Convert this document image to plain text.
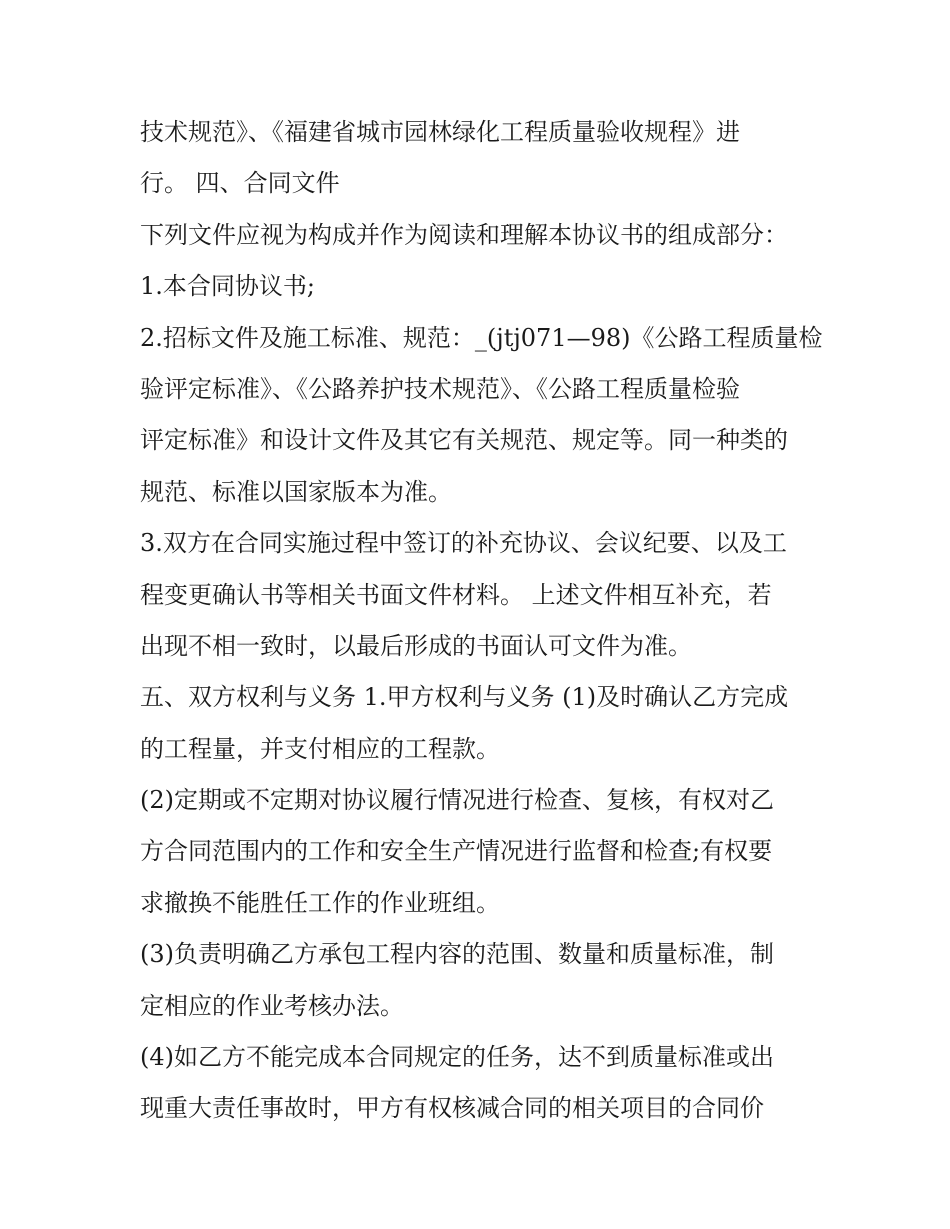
技术规范》、《福建省城市园林绿化工程质量验收规程》进
行。 四、合同文件
下列文件应视为构成并作为阅读和理解本协议书的组成部分：
1.本合同协议书;
2.招标文件及施工标准、规范：_(jtj071—98)《公路工程质量检
验评定标准》、《公路养护技术规范》、《公路工程质量检验
评定标准》和设计文件及其它有关规范、规定等。同一种类的
规范、标准以国家版本为准。
3.双方在合同实施过程中签订的补充协议、会议纪要、以及工
程变更确认书等相关书面文件材料。 上述文件相互补充，若
出现不相一致时，以最后形成的书面认可文件为准。
五、双方权利与义务 1.甲方权利与义务 (1)及时确认乙方完成
的工程量，并支付相应的工程款。
(2)定期或不定期对协议履行情况进行检查、复核，有权对乙
方合同范围内的工作和安全生产情况进行监督和检查;有权要
求撤换不能胜任工作的作业班组。
(3)负责明确乙方承包工程内容的范围、数量和质量标准，制
定相应的作业考核办法。
(4)如乙方不能完成本合同规定的任务，达不到质量标准或出
现重大责任事故时，甲方有权核减合同的相关项目的合同价
